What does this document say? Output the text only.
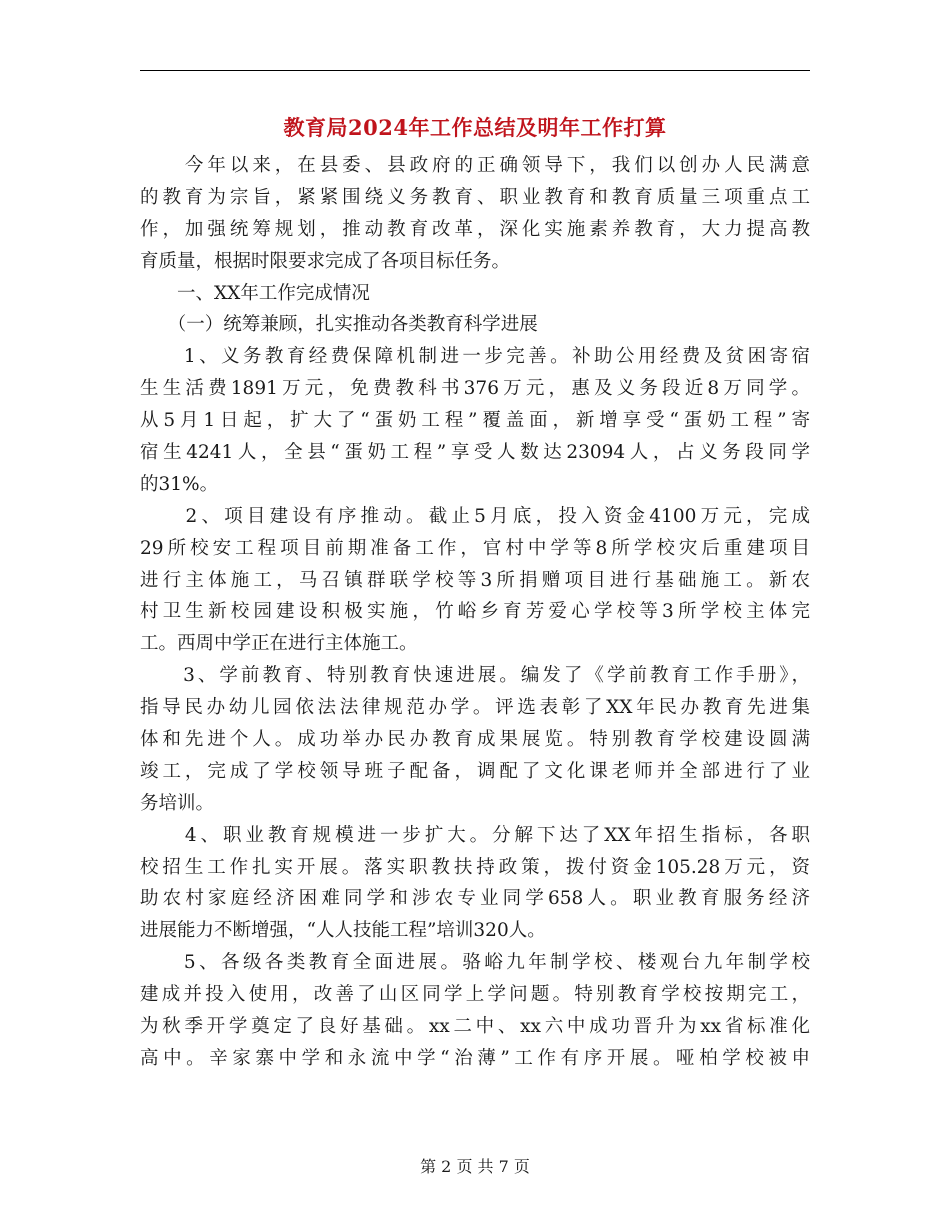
教育局2024年工作总结及明年工作打算
　　今年以来，在县委、县政府的正确领导下，我们以创办人民满意
的教育为宗旨，紧紧围绕义务教育、职业教育和教育质量三项重点工
作，加强统筹规划，推动教育改革，深化实施素养教育，大力提高教
育质量，根据时限要求完成了各项目标任务。
　　一、XX年工作完成情况
　　（一）统筹兼顾，扎实推动各类教育科学进展
　　1、义务教育经费保障机制进一步完善。补助公用经费及贫困寄宿
生生活费1891万元，免费教科书376万元，惠及义务段近8万同学。
从5月1日起，扩大了“蛋奶工程”覆盖面，新增享受“蛋奶工程”寄
宿生4241人，全县“蛋奶工程”享受人数达23094人，占义务段同学
的31%。
　　2、项目建设有序推动。截止5月底，投入资金4100万元，完成
29所校安工程项目前期准备工作，官村中学等8所学校灾后重建项目
进行主体施工，马召镇群联学校等3所捐赠项目进行基础施工。新农
村卫生新校园建设积极实施，竹峪乡育芳爱心学校等3所学校主体完
工。西周中学正在进行主体施工。
　　3、学前教育、特别教育快速进展。编发了《学前教育工作手册》，
指导民办幼儿园依法法律规范办学。评选表彰了XX年民办教育先进集
体和先进个人。成功举办民办教育成果展览。特别教育学校建设圆满
竣工，完成了学校领导班子配备，调配了文化课老师并全部进行了业
务培训。
　　4、职业教育规模进一步扩大。分解下达了XX年招生指标，各职
校招生工作扎实开展。落实职教扶持政策，拨付资金105.28万元，资
助农村家庭经济困难同学和涉农专业同学658人。职业教育服务经济
进展能力不断增强，“人人技能工程”培训320人。
　　5、各级各类教育全面进展。骆峪九年制学校、楼观台九年制学校
建成并投入使用，改善了山区同学上学问题。特别教育学校按期完工，
为秋季开学奠定了良好基础。xx二中、xx六中成功晋升为xx省标准化
高中。辛家寨中学和永流中学“治薄”工作有序开展。哑柏学校被申
第 2 页 共 7 页
